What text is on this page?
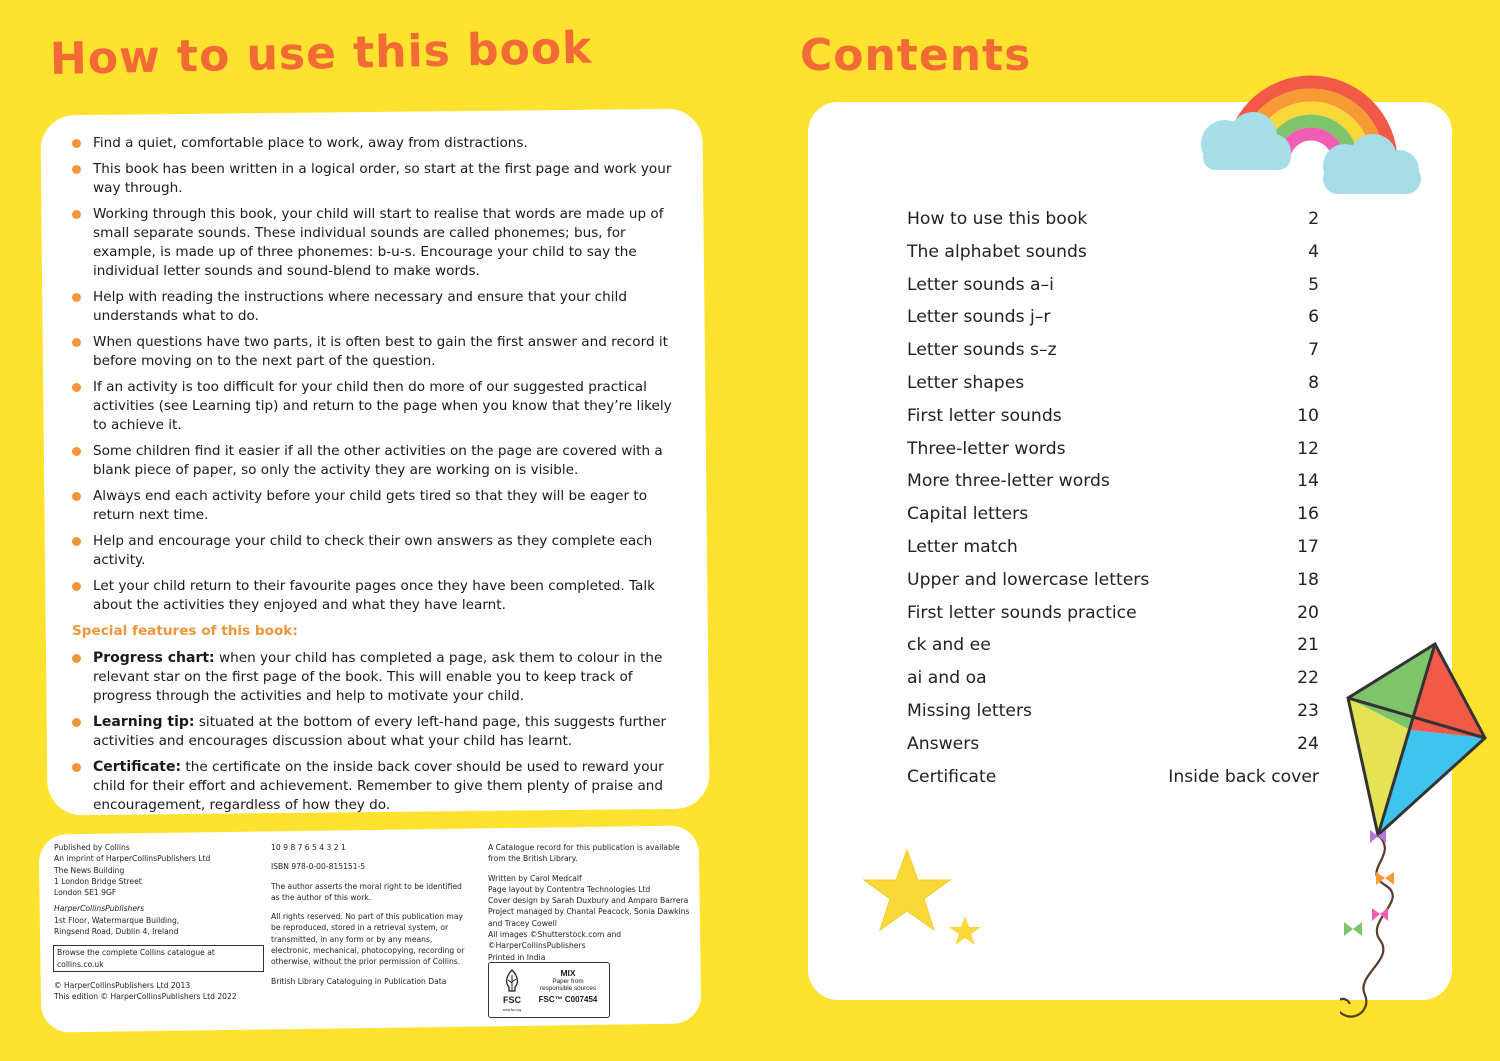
How to use this book	Contents
Find a quiet, comfortable place to work, away from distractions.
This book has been written in a logical order, so start at the first page and work your way through.
Working through this book, your child will start to realise that words are made up of small separate sounds. These individual sounds are called phonemes; bus, for example, is made up of three phonemes: b-u-s. Encourage your child to say the individual letter sounds and sound-blend to make words.
Help with reading the instructions where necessary and ensure that your child understands what to do.
When questions have two parts, it is often best to gain the first answer and record it before moving on to the next part of the question.
If an activity is too difficult for your child then do more of our suggested practical activities (see Learning tip) and return to the page when you know that they’re likely to achieve it.
Some children find it easier if all the other activities on the page are covered with a blank piece of paper, so only the activity they are working on is visible.
Always end each activity before your child gets tired so that they will be eager to return next time.
Help and encourage your child to check their own answers as they complete each activity.
Let your child return to their favourite pages once they have been completed. Talk about the activities they enjoyed and what they have learnt.
Special features of this book:
Progress chart: when your child has completed a page, ask them to colour in the relevant star on the first page of the book. This will enable you to keep track of progress through the activities and help to motivate your child.
Learning tip: situated at the bottom of every left-hand page, this suggests further activities and encourages discussion about what your child has learnt.
Certificate: the certificate on the inside back cover should be used to reward your child for their effort and achievement. Remember to give them plenty of praise and encouragement, regardless of how they do.

Published by Collins
An imprint of HarperCollinsPublishers Ltd
The News Building
1 London Bridge Street
London SE1 9GF

HarperCollinsPublishers
1st Floor, Watermarque Building,
Ringsend Road, Dublin 4, Ireland

Browse the complete Collins catalogue at collins.co.uk

© HarperCollinsPublishers Ltd 2013
This edition © HarperCollinsPublishers Ltd 2022

10 9 8 7 6 5 4 3 2 1

ISBN 978-0-00-815151-5

The author asserts the moral right to be identified as the author of this work.

All rights reserved. No part of this publication may be reproduced, stored in a retrieval system, or transmitted, in any form or by any means, electronic, mechanical, photocopying, recording or otherwise, without the prior permission of Collins.

British Library Cataloguing in Publication Data

A Catalogue record for this publication is available from the British Library.

Written by Carol Medcalf
Page layout by Contentra Technologies Ltd
Cover design by Sarah Duxbury and Amparo Barrera
Project managed by Chantal Peacock, Sonia Dawkins and Tracey Cowell
All images ©Shutterstock.com and ©HarperCollinsPublishers
Printed in India

FSC
www.fsc.org
MIX
Paper from
responsible sources
FSC™ C007454
How to use this book	2
The alphabet sounds	4
Letter sounds a–i	5
Letter sounds j–r	6
Letter sounds s–z	7
Letter shapes	8
First letter sounds	10
Three-letter words	12
More three-letter words	14
Capital letters	16
Letter match	17
Upper and lowercase letters	18
First letter sounds practice	20
ck and ee	21
ai and oa	22
Missing letters	23
Answers	24
Certificate	Inside back cover
